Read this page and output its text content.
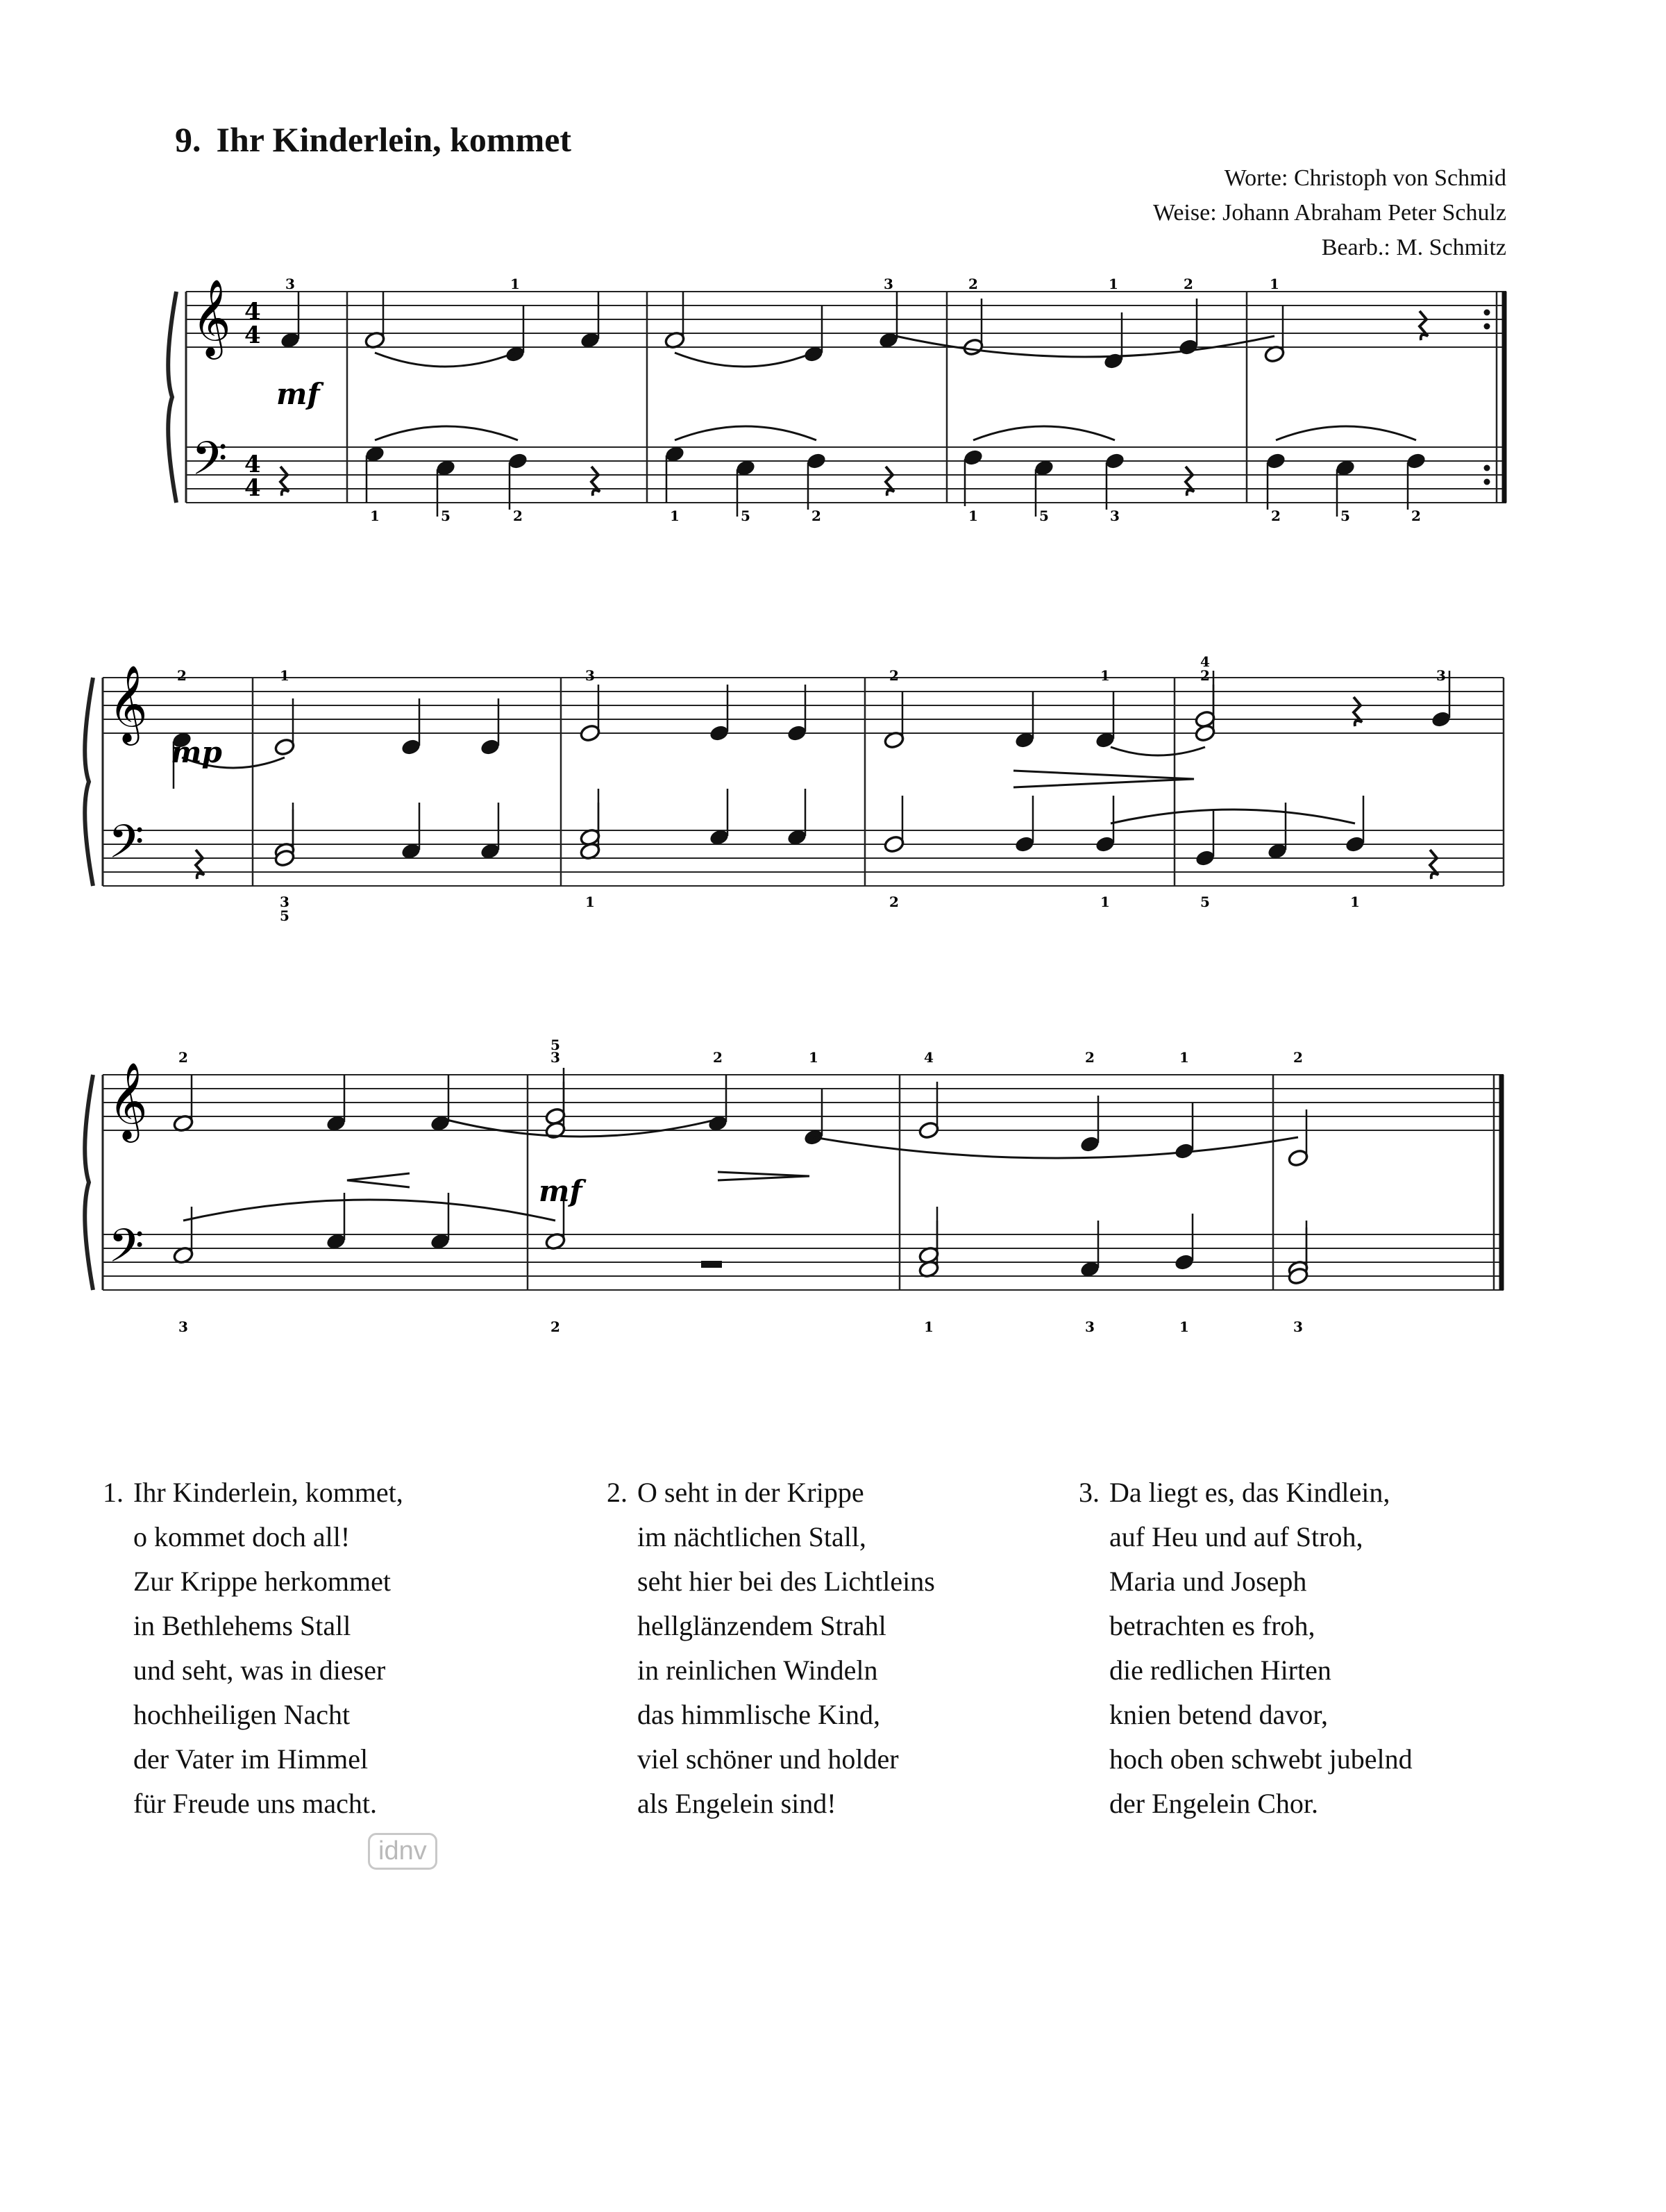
9. Ihr Kinderlein, kommet
Worte: Christoph von Schmid
Weise: Johann Abraham Peter Schulz
Bearb.: M. Schmitz
𝄞
𝄢
𝄞
𝄢
𝄞
𝄢
3	1	3	2	1	2	1
1	5	2	1	5	2	1	5	3	2	5	2
2	1	3	2	1
4
2	3
3
5
1	2	1	5	1
2
5
3	2	1	4	2	1	2
3	2	1	3	1	3
mf
mp
mf
4
4
4
4
1. Ihr Kinderlein, kommet,
o kommet doch all!
Zur Krippe herkommet
in Bethlehems Stall
und seht, was in dieser
hochheiligen Nacht
der Vater im Himmel
für Freude uns macht.
2. O seht in der Krippe
im nächtlichen Stall,
seht hier bei des Lichtleins
hellglänzendem Strahl
in reinlichen Windeln
das himmlische Kind,
viel schöner und holder
als Engelein sind!
3. Da liegt es, das Kindlein,
auf Heu und auf Stroh,
Maria und Joseph
betrachten es froh,
die redlichen Hirten
knien betend davor,
hoch oben schwebt jubelnd
der Engelein Chor.
idnv
